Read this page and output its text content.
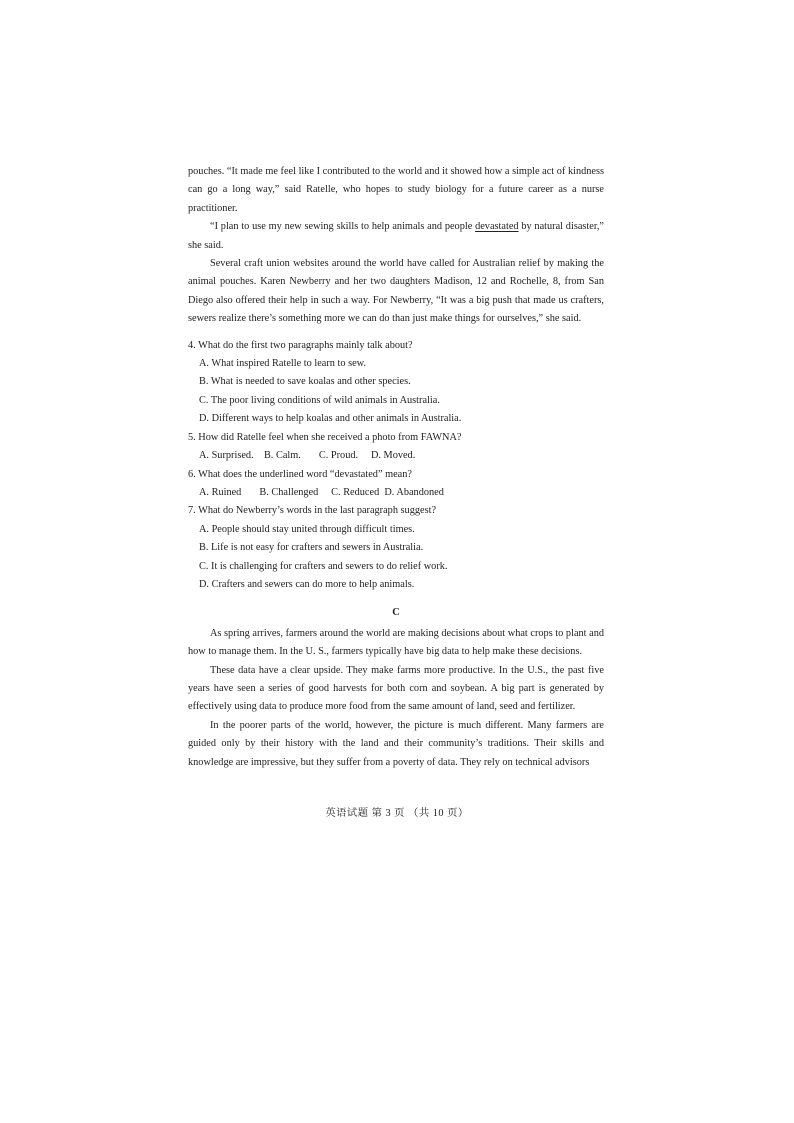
pouches. “It made me feel like I contributed to the world and it showed how a simple act of kindness can go a long way,” said Ratelle, who hopes to study biology for a future career as a nurse practitioner.

“I plan to use my new sewing skills to help animals and people devastated by natural disaster,” she said.

Several craft union websites around the world have called for Australian relief by making the animal pouches. Karen Newberry and her two daughters Madison, 12 and Rochelle, 8, from San Diego also offered their help in such a way. For Newberry, “It was a big push that made us crafters, sewers realize there’s something more we can do than just make things for ourselves,” she said.

4. What do the first two paragraphs mainly talk about?

A. What inspired Ratelle to learn to sew.

B. What is needed to save koalas and other species.

C. The poor living conditions of wild animals in Australia.

D. Different ways to help koalas and other animals in Australia.

5. How did Ratelle feel when she received a photo from FAWNA?

A. Surprised. B. Calm. C. Proud. D. Moved.

6. What does the underlined word “devastated” mean?

A. Ruined B. Challenged C. Reduced D. Abandoned

7. What do Newberry’s words in the last paragraph suggest?

A. People should stay united through difficult times.

B. Life is not easy for crafters and sewers in Australia.

C. It is challenging for crafters and sewers to do relief work.

D. Crafters and sewers can do more to help animals.

C

As spring arrives, farmers around the world are making decisions about what crops to plant and how to manage them. In the U. S., farmers typically have big data to help make these decisions.

These data have a clear upside. They make farms more productive. In the U.S., the past five years have seen a series of good harvests for both corn and soybean. A big part is generated by effectively using data to produce more food from the same amount of land, seed and fertilizer.

In the poorer parts of the world, however, the picture is much different. Many farmers are guided only by their history with the land and their community’s traditions. Their skills and knowledge are impressive, but they suffer from a poverty of data. They rely on technical advisors

英语试题 第 3 页 （共 10 页）
